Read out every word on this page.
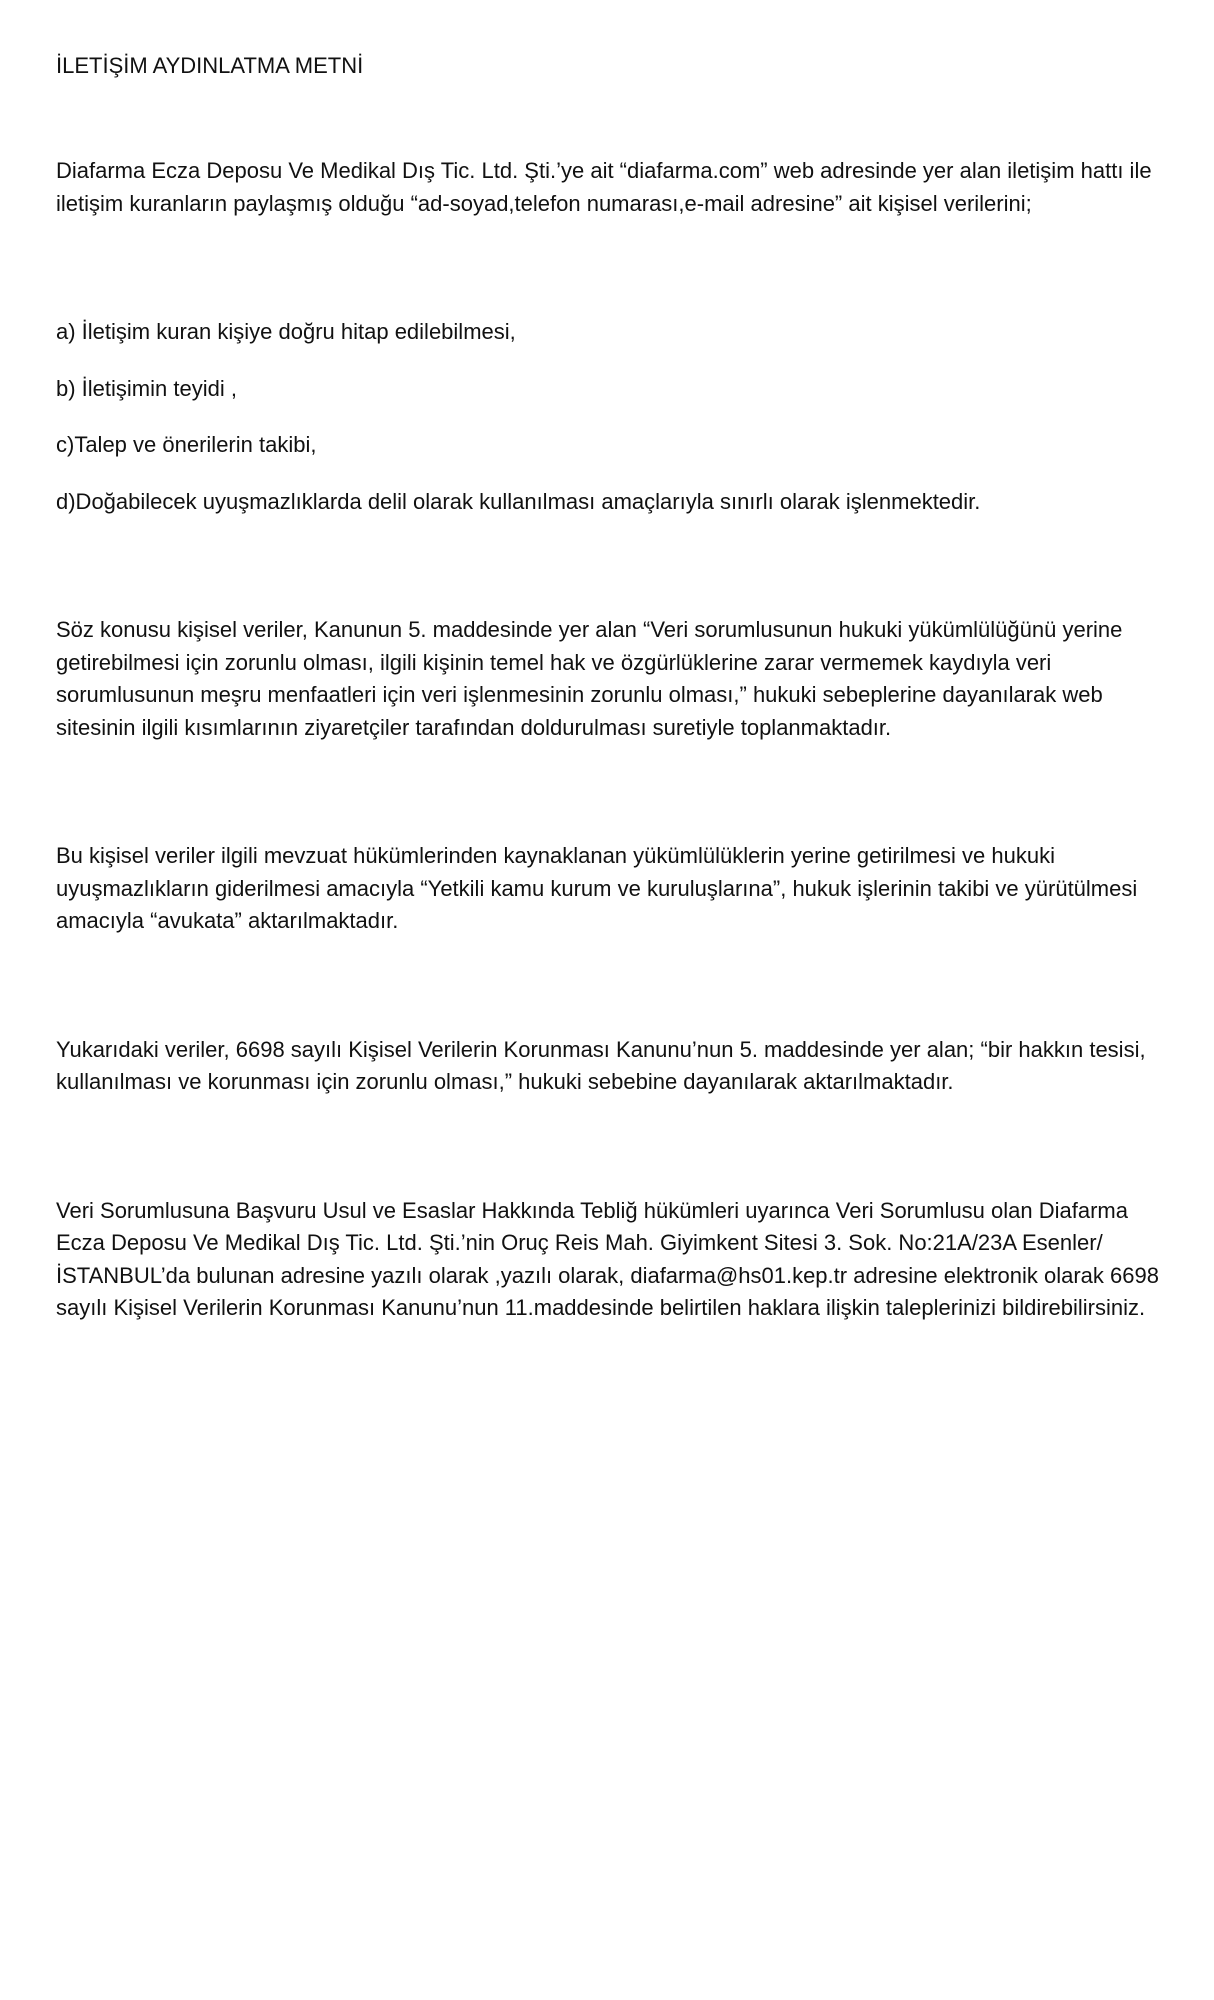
İLETİŞİM AYDINLATMA METNİ

Diafarma Ecza Deposu Ve Medikal Dış Tic. Ltd. Şti.’ye ait “diafarma.com” web adresinde yer alan iletişim hattı ile iletişim kuranların paylaşmış olduğu “ad-soyad,telefon numarası,e-mail adresine” ait kişisel verilerini;

a) İletişim kuran kişiye doğru hitap edilebilmesi,

b) İletişimin teyidi ,

c)Talep ve önerilerin takibi,

d)Doğabilecek uyuşmazlıklarda delil olarak kullanılması amaçlarıyla sınırlı olarak işlenmektedir.

Söz konusu kişisel veriler, Kanunun 5. maddesinde yer alan “Veri sorumlusunun hukuki yükümlülüğünü yerine getirebilmesi için zorunlu olması, ilgili kişinin temel hak ve özgürlüklerine zarar vermemek kaydıyla veri sorumlusunun meşru menfaatleri için veri işlenmesinin zorunlu olması,” hukuki sebeplerine dayanılarak web sitesinin ilgili kısımlarının ziyaretçiler tarafından doldurulması suretiyle toplanmaktadır.

Bu kişisel veriler ilgili mevzuat hükümlerinden kaynaklanan yükümlülüklerin yerine getirilmesi ve hukuki uyuşmazlıkların giderilmesi amacıyla “Yetkili kamu kurum ve kuruluşlarına”, hukuk işlerinin takibi ve yürütülmesi amacıyla “avukata” aktarılmaktadır.

Yukarıdaki veriler, 6698 sayılı Kişisel Verilerin Korunması Kanunu’nun 5. maddesinde yer alan; “bir hakkın tesisi, kullanılması ve korunması için zorunlu olması,” hukuki sebebine dayanılarak aktarılmaktadır.

Veri Sorumlusuna Başvuru Usul ve Esaslar Hakkında Tebliğ hükümleri uyarınca Veri Sorumlusu olan Diafarma Ecza Deposu Ve Medikal Dış Tic. Ltd. Şti.’nin Oruç Reis Mah. Giyimkent Sitesi 3. Sok. No:21A/23A Esenler/İSTANBUL’da bulunan adresine yazılı olarak ,yazılı olarak, diafarma@hs01.kep.tr adresine elektronik olarak 6698 sayılı Kişisel Verilerin Korunması Kanunu’nun 11.maddesinde belirtilen haklara ilişkin taleplerinizi bildirebilirsiniz.
